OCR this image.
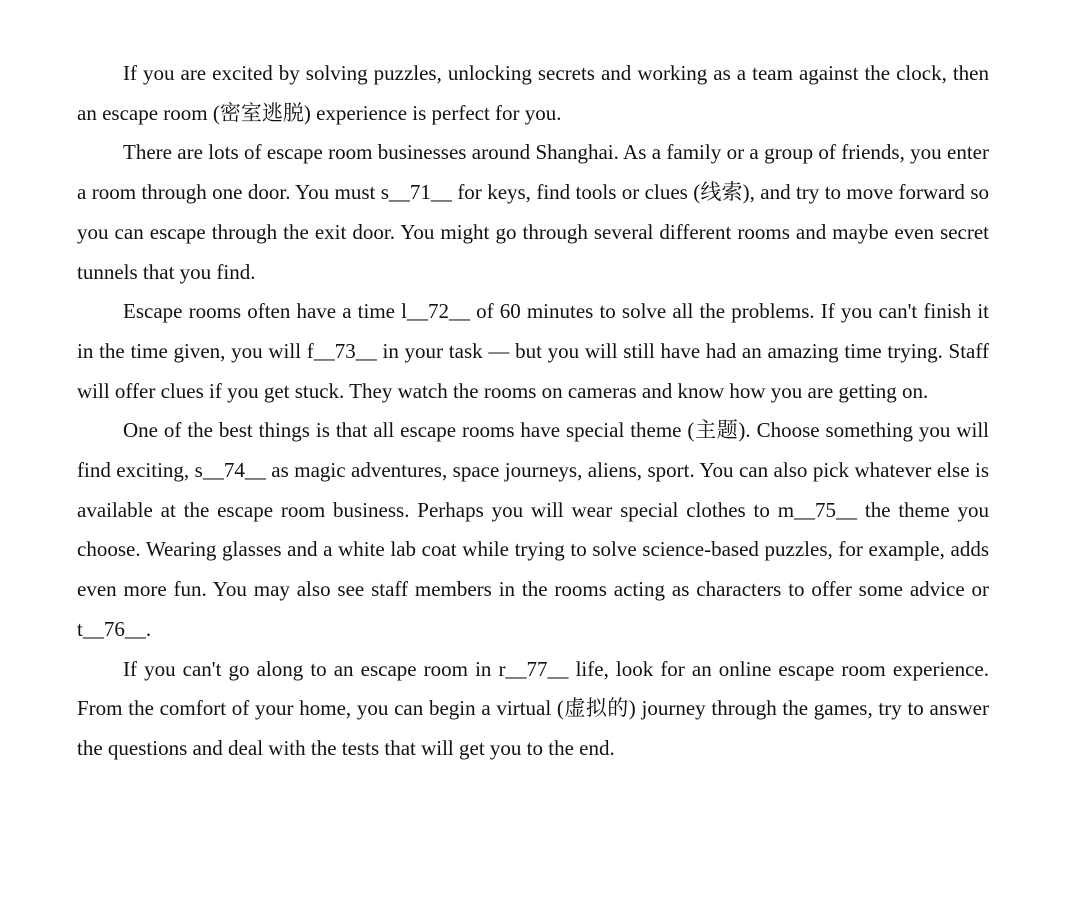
If you are excited by solving puzzles, unlocking secrets and working as a team against the clock, then an escape room (密室逃脱) experience is perfect for you.

There are lots of escape room businesses around Shanghai. As a family or a group of friends, you enter a room through one door. You must s__71__ for keys, find tools or clues (线索), and try to move forward so you can escape through the exit door. You might go through several different rooms and maybe even secret tunnels that you find.

Escape rooms often have a time l__72__ of 60 minutes to solve all the problems. If you can't finish it in the time given, you will f__73__ in your task — but you will still have had an amazing time trying. Staff will offer clues if you get stuck. They watch the rooms on cameras and know how you are getting on.

One of the best things is that all escape rooms have special theme (主题). Choose something you will find exciting, s__74__ as magic adventures, space journeys, aliens, sport. You can also pick whatever else is available at the escape room business. Perhaps you will wear special clothes to m__75__ the theme you choose. Wearing glasses and a white lab coat while trying to solve science-based puzzles, for example, adds even more fun. You may also see staff members in the rooms acting as characters to offer some advice or t__76__.

If you can't go along to an escape room in r__77__ life, look for an online escape room experience. From the comfort of your home, you can begin a virtual (虚拟的) journey through the games, try to answer the questions and deal with the tests that will get you to the end.
